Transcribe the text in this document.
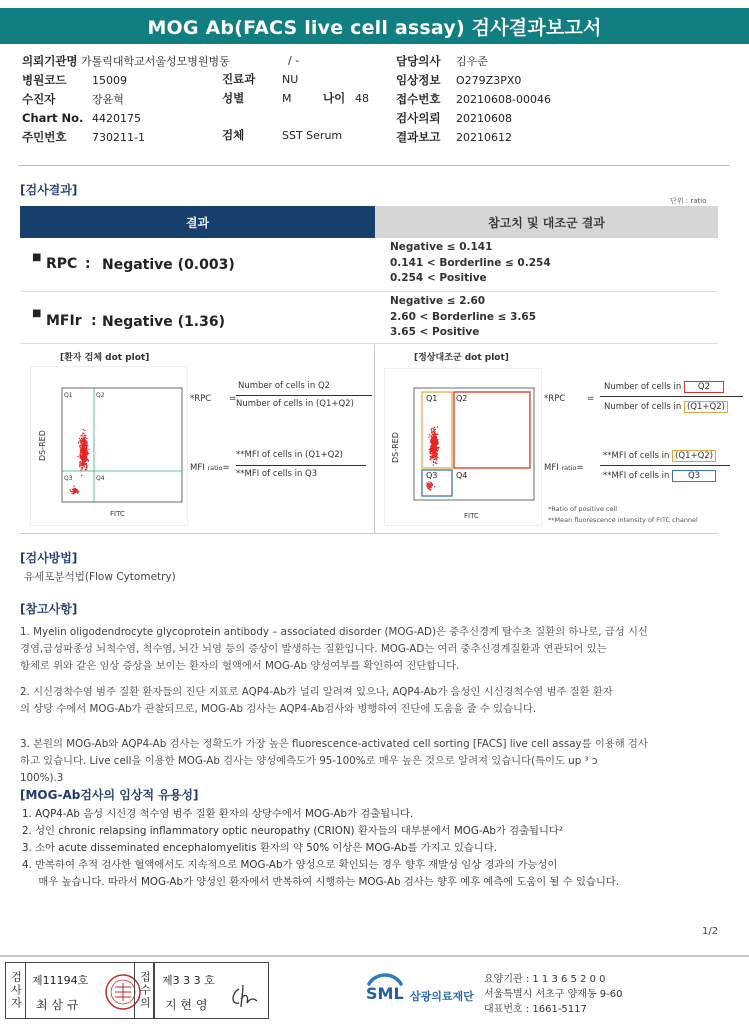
MOG Ab(FACS live cell assay) 검사결과보고서
의뢰기관명 가톨릭대학교서울성모병원병동
병원코드 15009
수진자	장윤혁
Chart No. 4420175
주민번호 730211-1
/ -
진료과 NU
성별	M	나이 48
검체	SST Serum
담당의사 김우준
임상정보 O279Z3PX0
접수번호 20210608-00046
검사의뢰 20210608
결과보고 20210612
[검사결과]
단위 : ratio
결과	참고치 및 대조군 결과
■ RPC : Negative (0.003)
Negative ≤ 0.141
0.141 < Borderline ≤ 0.254
0.254 < Positive
■ MFIr : Negative (1.36)
Negative ≤ 2.60
2.60 < Borderline ≤ 3.65
3.65 < Positive
[환자 검체 dot plot]	[정상대조군 dot plot]
Q1	Q2
Q3	Q4
DS-RED
FITC
*RPC =
Number of cells in Q2
Number of cells in (Q1+Q2)
MFI ratio=
**MFI of cells in (Q1+Q2)
**MFI of cells in Q3
Q1 Q2
Q3 Q4
DS-RED
FITC
*RPC	=
Number of cells in Q2
Number of cells in (Q1+Q2)
MFI ratio=
**MFI of cells in (Q1+Q2)
**MFI of cells in Q3
*Ratio of positive cell
**Mean fluorescence intensity of FITC channel
[검사방법]
유세포분석법(Flow Cytometry)
[참고사항]
1. Myelin oligodendrocyte glycoprotein antibody – associated disorder (MOG-AD)은 중추신경계 탈수초 질환의 하나로, 급성 시신
경염,급성파종성 뇌척수염, 척수염, 뇌간 뇌염 등의 증상이 발생하는 질환입니다. MOG-AD는 여러 중추신경계질환과 연관되어 있는
항체로 위와 같은 임상 증상을 보이는 환자의 혈액에서 MOG-Ab 양성여부를 확인하여 진단합니다.
2. 시신경척수염 범주 질환 환자들의 진단 지표로 AQP4-Ab가 널리 알려져 있으나, AQP4-Ab가 음성인 시신경척수염 범주 질환 환자
의 상당 수에서 MOG-Ab가 관찰되므로, MOG-Ab 검사는 AQP4-Ab검사와 병행하여 진단에 도움을 줄 수 있습니다.
3. 본원의 MOG-Ab와 AQP4-Ab 검사는 정확도가 가장 높은 fluorescence-activated cell sorting [FACS] live cell assay를 이용해 검사
하고 있습니다. Live cell을 이용한 MOG-Ab 검사는 양성예측도가 95-100%로 매우 높은 것으로 알려져 있습니다(특이도 up ³ ↄ
100%).3
[MOG-Ab검사의 임상적 유용성]
1. AQP4-Ab 음성 시신경 척수염 범주 질환 환자의 상당수에서 MOG-Ab가 검출됩니다.
2. 성인 chronic relapsing inflammatory optic neuropathy (CRION) 환자들의 대부분에서 MOG-Ab가 검출됩니다²
3. 소아 acute disseminated encephalomyelitis 환자의 약 50% 이상은 MOG-Ab를 가지고 있습니다.
4. 반복하여 추적 검사한 혈액에서도 지속적으로 MOG-Ab가 양성으로 확인되는 경우 향후 재발성 임상 경과의 가능성이
매우 높습니다. 따라서 MOG-Ab가 양성인 환자에서 반복하여 시행하는 MOG-Ab 검사는 향후 예후 예측에 도움이 될 수 있습니다.
1/2
검사자 제11194호
최 삼 규	접수의 제3 3 3 호
지 현 영
SML 삼광의료재단
요양기관 : 1 1 3 6 5 2 0 0
서울특별시 서초구 양재동 9-60
대표번호 : 1661-5117
